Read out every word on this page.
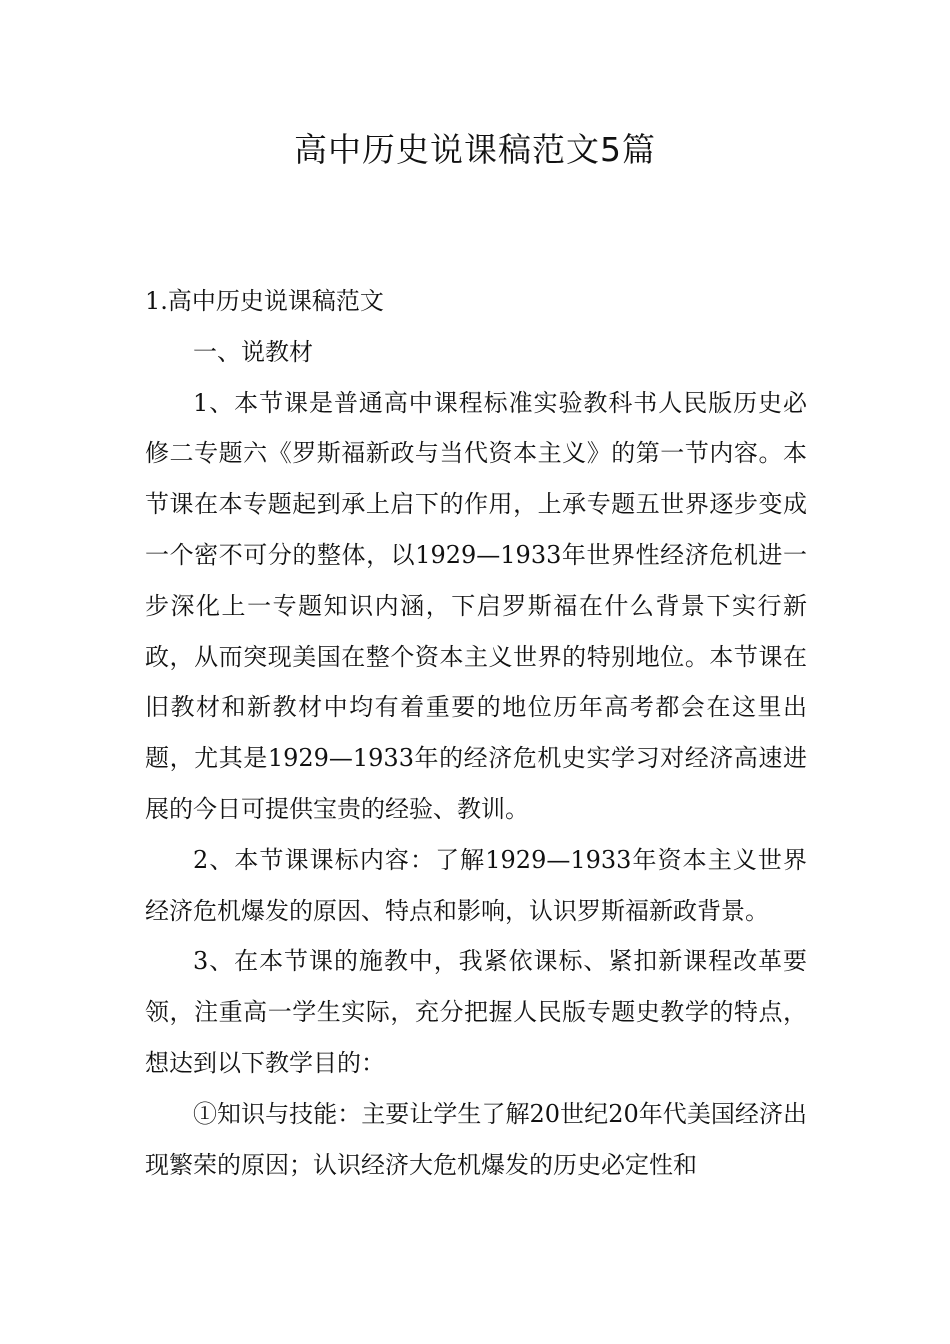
高中历史说课稿范文5篇
1.高中历史说课稿范文

一、说教材

1、本节课是普通高中课程标准实验教科书人民版历史必修二专题六《罗斯福新政与当代资本主义》的第一节内容。本节课在本专题起到承上启下的作用，上承专题五世界逐步变成一个密不可分的整体，以1929—1933年世界性经济危机进一步深化上一专题知识内涵，下启罗斯福在什么背景下实行新政，从而突现美国在整个资本主义世界的特别地位。本节课在旧教材和新教材中均有着重要的地位历年高考都会在这里出题，尤其是1929—1933年的经济危机史实学习对经济高速进展的今日可提供宝贵的经验、教训。

2、本节课课标内容：了解1929—1933年资本主义世界经济危机爆发的原因、特点和影响，认识罗斯福新政背景。

3、在本节课的施教中，我紧依课标、紧扣新课程改革要领，注重高一学生实际，充分把握人民版专题史教学的特点，想达到以下教学目的：

①知识与技能：主要让学生了解20世纪20年代美国经济出现繁荣的原因；认识经济大危机爆发的历史必定性和
